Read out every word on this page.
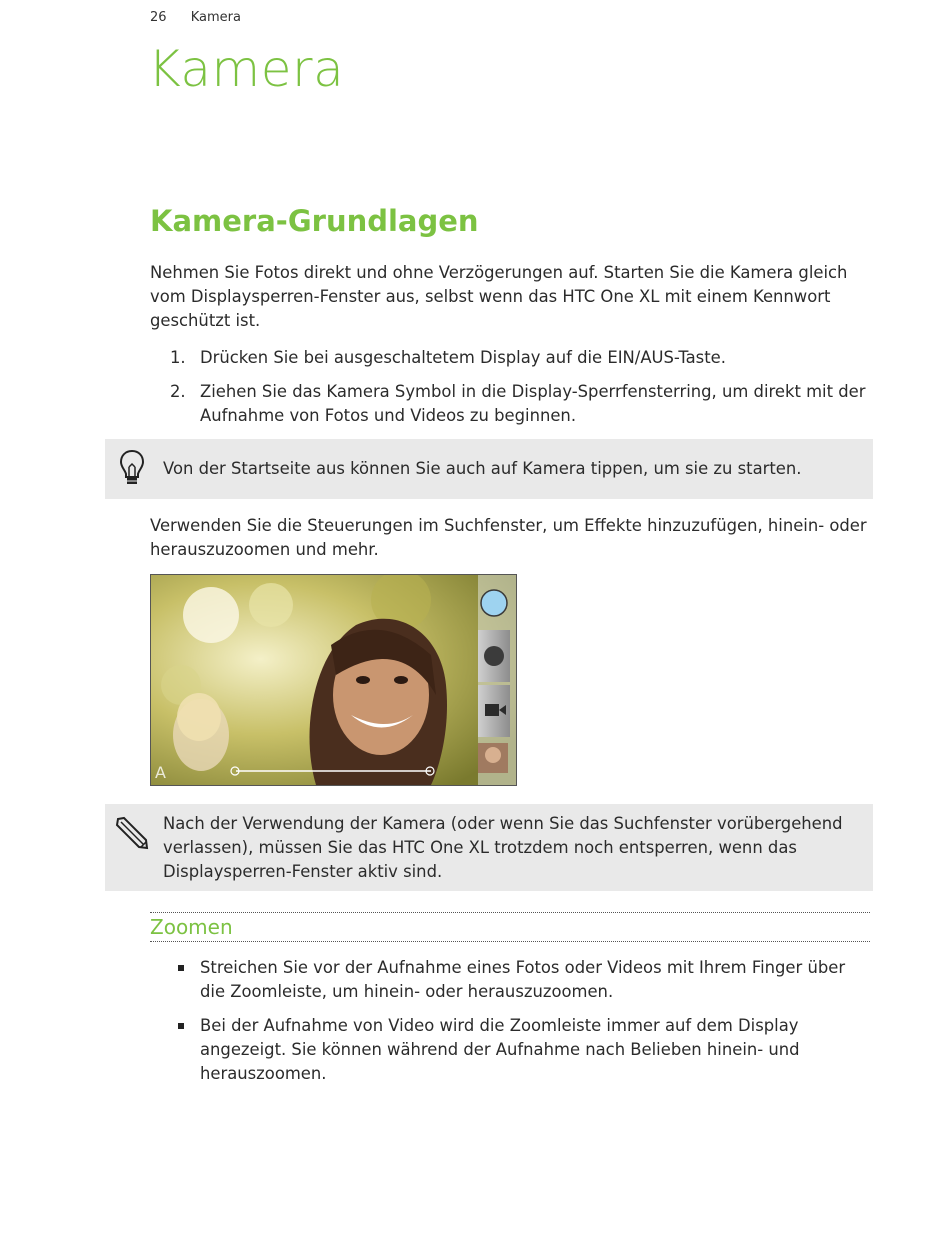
26 Kamera
Kamera
Kamera-Grundlagen

Nehmen Sie Fotos direkt und ohne Verzögerungen auf. Starten Sie die Kamera gleich vom Displaysperren-Fenster aus, selbst wenn das HTC One XL mit einem Kennwort geschützt ist.

1. Drücken Sie bei ausgeschaltetem Display auf die EIN/AUS-Taste.
2. Ziehen Sie das Kamera Symbol in die Display-Sperrfensterring, um direkt mit der Aufnahme von Fotos und Videos zu beginnen.

Von der Startseite aus können Sie auch auf Kamera tippen, um sie zu starten.

Verwenden Sie die Steuerungen im Suchfenster, um Effekte hinzuzufügen, hinein- oder herauszuzoomen und mehr.

A

Nach der Verwendung der Kamera (oder wenn Sie das Suchfenster vorübergehend verlassen), müssen Sie das HTC One XL trotzdem noch entsperren, wenn das Displaysperren-Fenster aktiv sind.

Zoomen
Streichen Sie vor der Aufnahme eines Fotos oder Videos mit Ihrem Finger über die Zoomleiste, um hinein- oder herauszuzoomen.
Bei der Aufnahme von Video wird die Zoomleiste immer auf dem Display angezeigt. Sie können während der Aufnahme nach Belieben hinein- und herauszoomen.
